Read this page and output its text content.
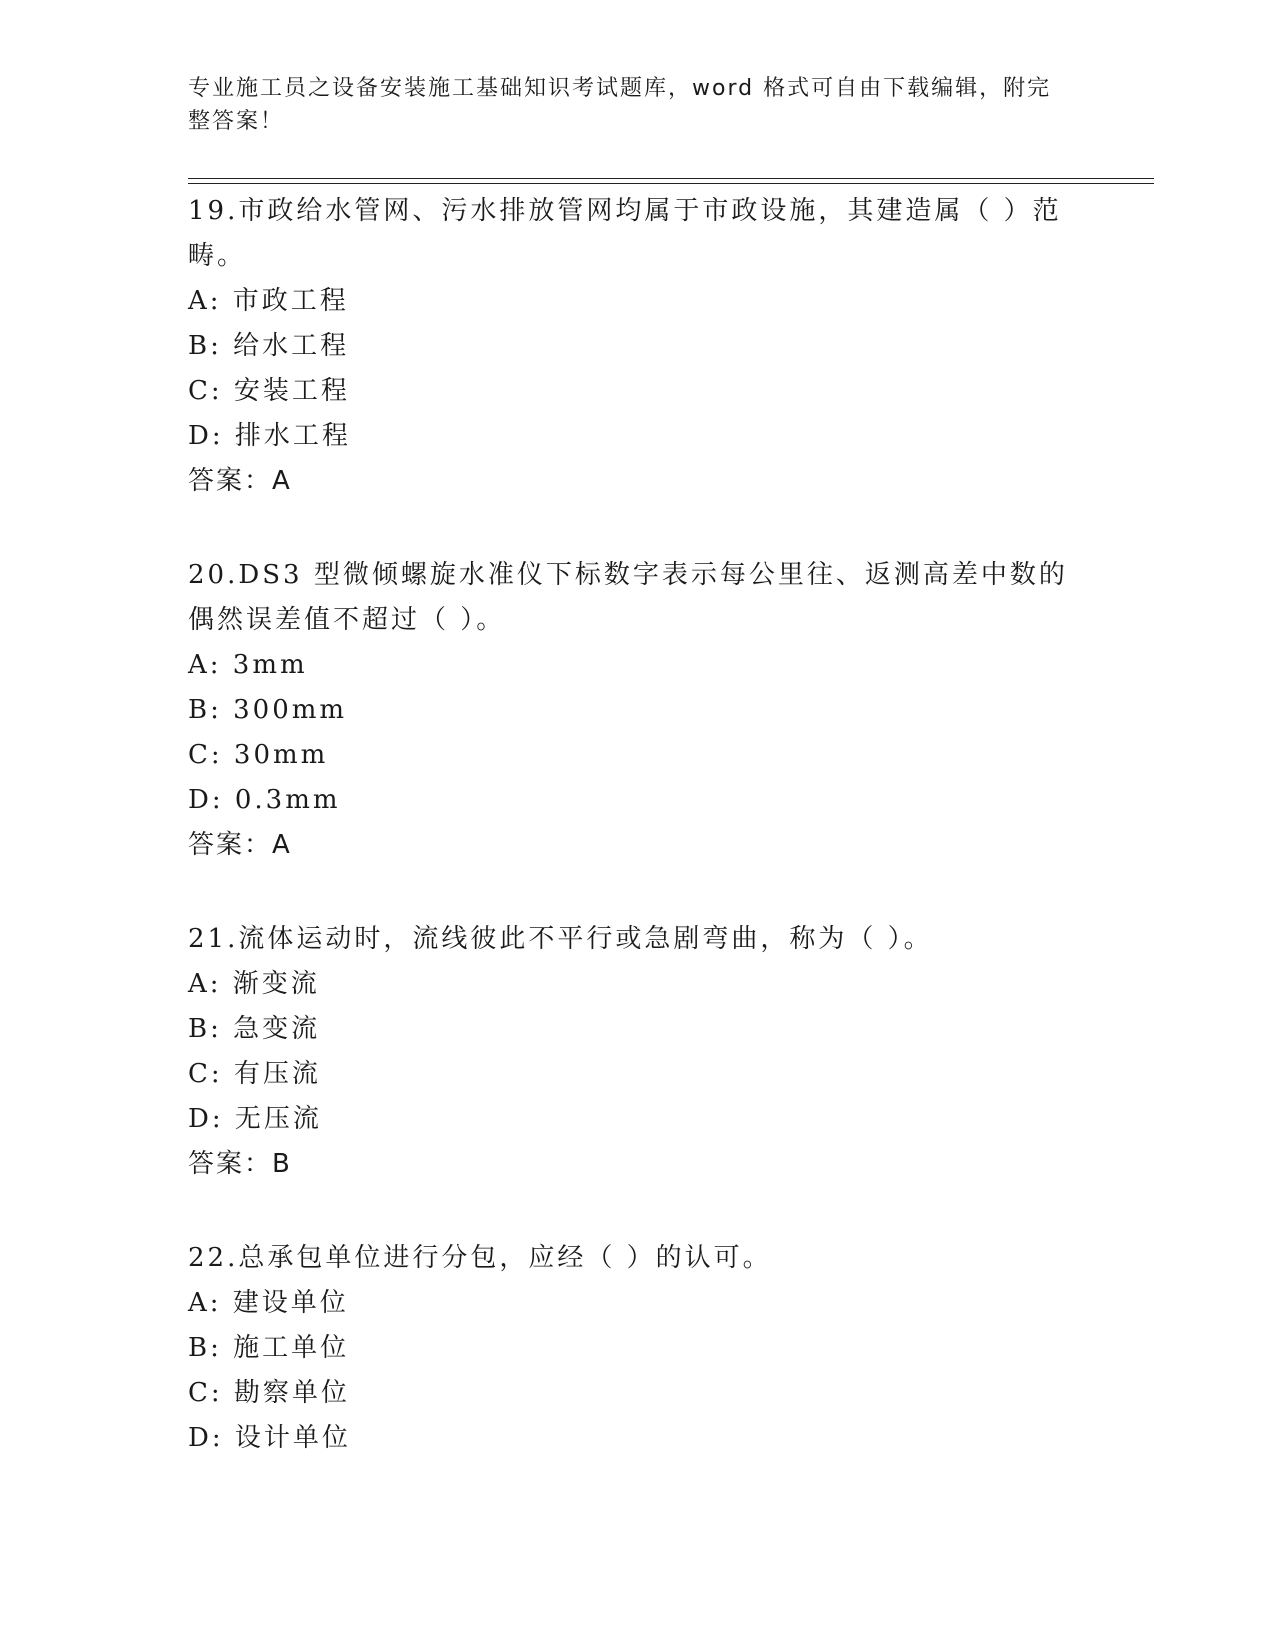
专业施工员之设备安装施工基础知识考试题库，word 格式可自由下载编辑，附完整答案！
19.市政给水管网、污水排放管网均属于市政设施，其建造属（ ）范畴。
A: 市政工程
B: 给水工程
C: 安装工程
D: 排水工程
答案：A
20.DS3 型微倾螺旋水准仪下标数字表示每公里往、返测高差中数的偶然误差值不超过（ ）。
A: 3mm
B: 300mm
C: 30mm
D: 0.3mm
答案：A
21.流体运动时，流线彼此不平行或急剧弯曲，称为（ ）。
A: 渐变流
B: 急变流
C: 有压流
D: 无压流
答案：B
22.总承包单位进行分包，应经（ ）的认可。
A: 建设单位
B: 施工单位
C: 勘察单位
D: 设计单位
